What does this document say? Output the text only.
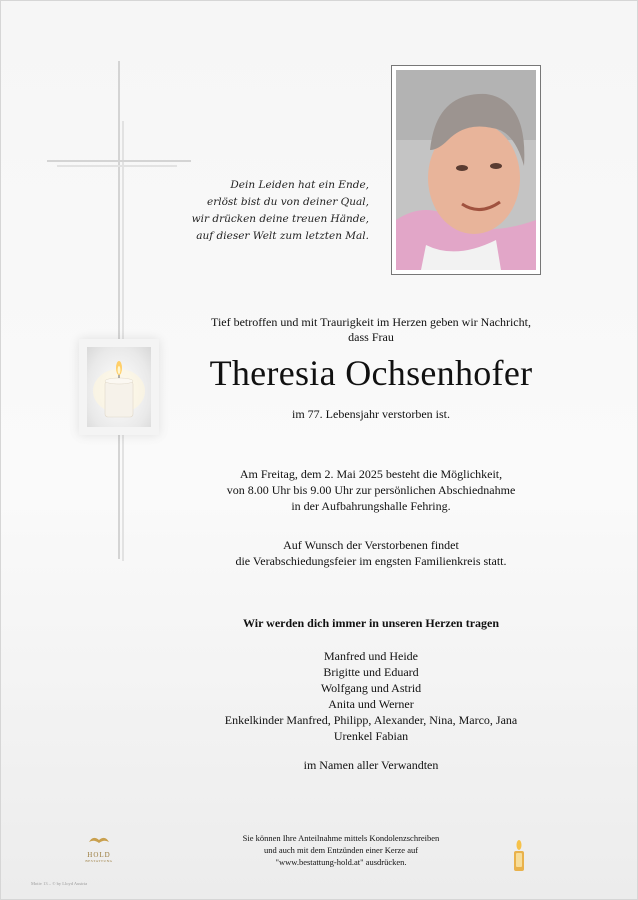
Dein Leiden hat ein Ende,
erlöst bist du von deiner Qual,
wir drücken deine treuen Hände,
auf dieser Welt zum letzten Mal.
Tief betroffen und mit Traurigkeit im Herzen geben wir Nachricht,
dass Frau
Theresia Ochsenhofer
im 77. Lebensjahr verstorben ist.
Am Freitag, dem 2. Mai 2025 besteht die Möglichkeit,
von 8.00 Uhr bis 9.00 Uhr zur persönlichen Abschiednahme
in der Aufbahrungshalle Fehring.
Auf Wunsch der Verstorbenen findet
die Verabschiedungsfeier im engsten Familienkreis statt.
Wir werden dich immer in unseren Herzen tragen
Manfred und Heide
Brigitte und Eduard
Wolfgang und Astrid
Anita und Werner
Enkelkinder Manfred, Philipp, Alexander, Nina, Marco, Jana
Urenkel Fabian
im Namen aller Verwandten
HOLD
BESTATTUNG
Sie können Ihre Anteilnahme mittels Kondolenzschreiben
und auch mit dem Entzünden einer Kerze auf
"www.bestattung-hold.at" ausdrücken.
Motiv 13 – © by Lloyd Austria
